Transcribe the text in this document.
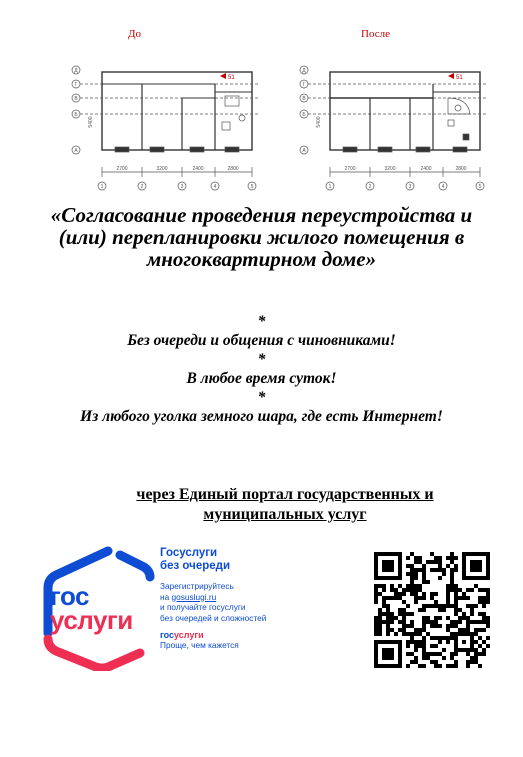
До	После
51
Д
Г
В
Б
А
2700	3200	2400	2800
1	2	3	4	5
5400
51
Д
Г
В
Б
А
2700	3200	2400	2800
1	2	3	4	5
5400
«Согласование проведения переустройства и (или) перепланировки жилого помещения в многоквартирном доме»
*
Без очереди и общения с чиновниками!
*
В любое время суток!
*
Из любого уголка земного шара, где есть Интернет!
через Единый портал государственных и
муниципальных услуг
гос
услуги
Госуслуги
без очереди
Зарегистрируйтесь
на gosuslugi.ru
и получайте госуслуги
без очередей и сложностей
госуслуги
Проще, чем кажется
